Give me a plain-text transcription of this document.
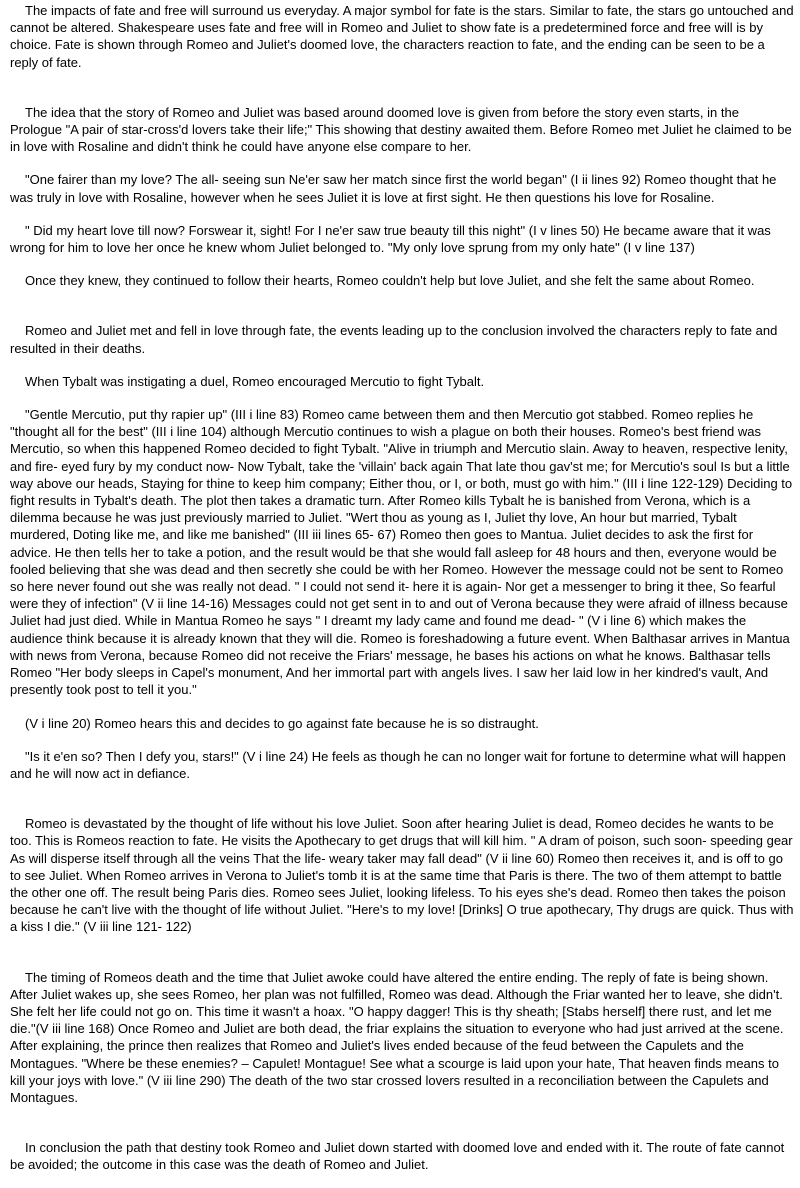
The impacts of fate and free will surround us everyday. A major symbol for fate is the stars. Similar to fate, the stars go untouched and cannot be altered. Shakespeare uses fate and free will in Romeo and Juliet to show fate is a predetermined force and free will is by choice. Fate is shown through Romeo and Juliet's doomed love, the characters reaction to fate, and the ending can be seen to be a reply of fate.

The idea that the story of Romeo and Juliet was based around doomed love is given from before the story even starts, in the Prologue "A pair of star-cross'd lovers take their life;" This showing that destiny awaited them. Before Romeo met Juliet he claimed to be in love with Rosaline and didn't think he could have anyone else compare to her.

"One fairer than my love? The all- seeing sun Ne'er saw her match since first the world began" (I ii lines 92) Romeo thought that he was truly in love with Rosaline, however when he sees Juliet it is love at first sight. He then questions his love for Rosaline.

" Did my heart love till now? Forswear it, sight! For I ne'er saw true beauty till this night" (I v lines 50) He became aware that it was wrong for him to love her once he knew whom Juliet belonged to. "My only love sprung from my only hate" (I v line 137)

Once they knew, they continued to follow their hearts, Romeo couldn't help but love Juliet, and she felt the same about Romeo.

Romeo and Juliet met and fell in love through fate, the events leading up to the conclusion involved the characters reply to fate and resulted in their deaths.

When Tybalt was instigating a duel, Romeo encouraged Mercutio to fight Tybalt.

"Gentle Mercutio, put thy rapier up" (III i line 83) Romeo came between them and then Mercutio got stabbed. Romeo replies he "thought all for the best" (III i line 104) although Mercutio continues to wish a plague on both their houses. Romeo's best friend was Mercutio, so when this happened Romeo decided to fight Tybalt. "Alive in triumph and Mercutio slain. Away to heaven, respective lenity, and fire- eyed fury by my conduct now- Now Tybalt, take the 'villain' back again That late thou gav'st me; for Mercutio's soul Is but a little way above our heads, Staying for thine to keep him company; Either thou, or I, or both, must go with him." (III i line 122-129) Deciding to fight results in Tybalt's death. The plot then takes a dramatic turn. After Romeo kills Tybalt he is banished from Verona, which is a dilemma because he was just previously married to Juliet. "Wert thou as young as I, Juliet thy love, An hour but married, Tybalt murdered, Doting like me, and like me banished" (III iii lines 65- 67) Romeo then goes to Mantua. Juliet decides to ask the first for advice. He then tells her to take a potion, and the result would be that she would fall asleep for 48 hours and then, everyone would be fooled believing that she was dead and then secretly she could be with her Romeo. However the message could not be sent to Romeo so here never found out she was really not dead. " I could not send it- here it is again- Nor get a messenger to bring it thee, So fearful were they of infection" (V ii line 14-16) Messages could not get sent in to and out of Verona because they were afraid of illness because Juliet had just died. While in Mantua Romeo he says " I dreamt my lady came and found me dead- " (V i line 6) which makes the audience think because it is already known that they will die. Romeo is foreshadowing a future event. When Balthasar arrives in Mantua with news from Verona, because Romeo did not receive the Friars' message, he bases his actions on what he knows. Balthasar tells Romeo "Her body sleeps in Capel's monument, And her immortal part with angels lives. I saw her laid low in her kindred's vault, And presently took post to tell it you."

(V i line 20) Romeo hears this and decides to go against fate because he is so distraught.

"Is it e'en so? Then I defy you, stars!" (V i line 24) He feels as though he can no longer wait for fortune to determine what will happen and he will now act in defiance.

Romeo is devastated by the thought of life without his love Juliet. Soon after hearing Juliet is dead, Romeo decides he wants to be too. This is Romeos reaction to fate. He visits the Apothecary to get drugs that will kill him. " A dram of poison, such soon- speeding gear As will disperse itself through all the veins That the life- weary taker may fall dead" (V ii line 60) Romeo then receives it, and is off to go to see Juliet. When Romeo arrives in Verona to Juliet's tomb it is at the same time that Paris is there. The two of them attempt to battle the other one off. The result being Paris dies. Romeo sees Juliet, looking lifeless. To his eyes she's dead. Romeo then takes the poison because he can't live with the thought of life without Juliet. "Here's to my love! [Drinks] O true apothecary, Thy drugs are quick. Thus with a kiss I die." (V iii line 121- 122)

The timing of Romeos death and the time that Juliet awoke could have altered the entire ending. The reply of fate is being shown. After Juliet wakes up, she sees Romeo, her plan was not fulfilled, Romeo was dead. Although the Friar wanted her to leave, she didn't. She felt her life could not go on. This time it wasn't a hoax. "O happy dagger! This is thy sheath; [Stabs herself] there rust, and let me die."(V iii line 168) Once Romeo and Juliet are both dead, the friar explains the situation to everyone who had just arrived at the scene. After explaining, the prince then realizes that Romeo and Juliet's lives ended because of the feud between the Capulets and the Montagues. "Where be these enemies? – Capulet! Montague! See what a scourge is laid upon your hate, That heaven finds means to kill your joys with love." (V iii line 290) The death of the two star crossed lovers resulted in a reconciliation between the Capulets and Montagues.

In conclusion the path that destiny took Romeo and Juliet down started with doomed love and ended with it. The route of fate cannot be avoided; the outcome in this case was the death of Romeo and Juliet.
